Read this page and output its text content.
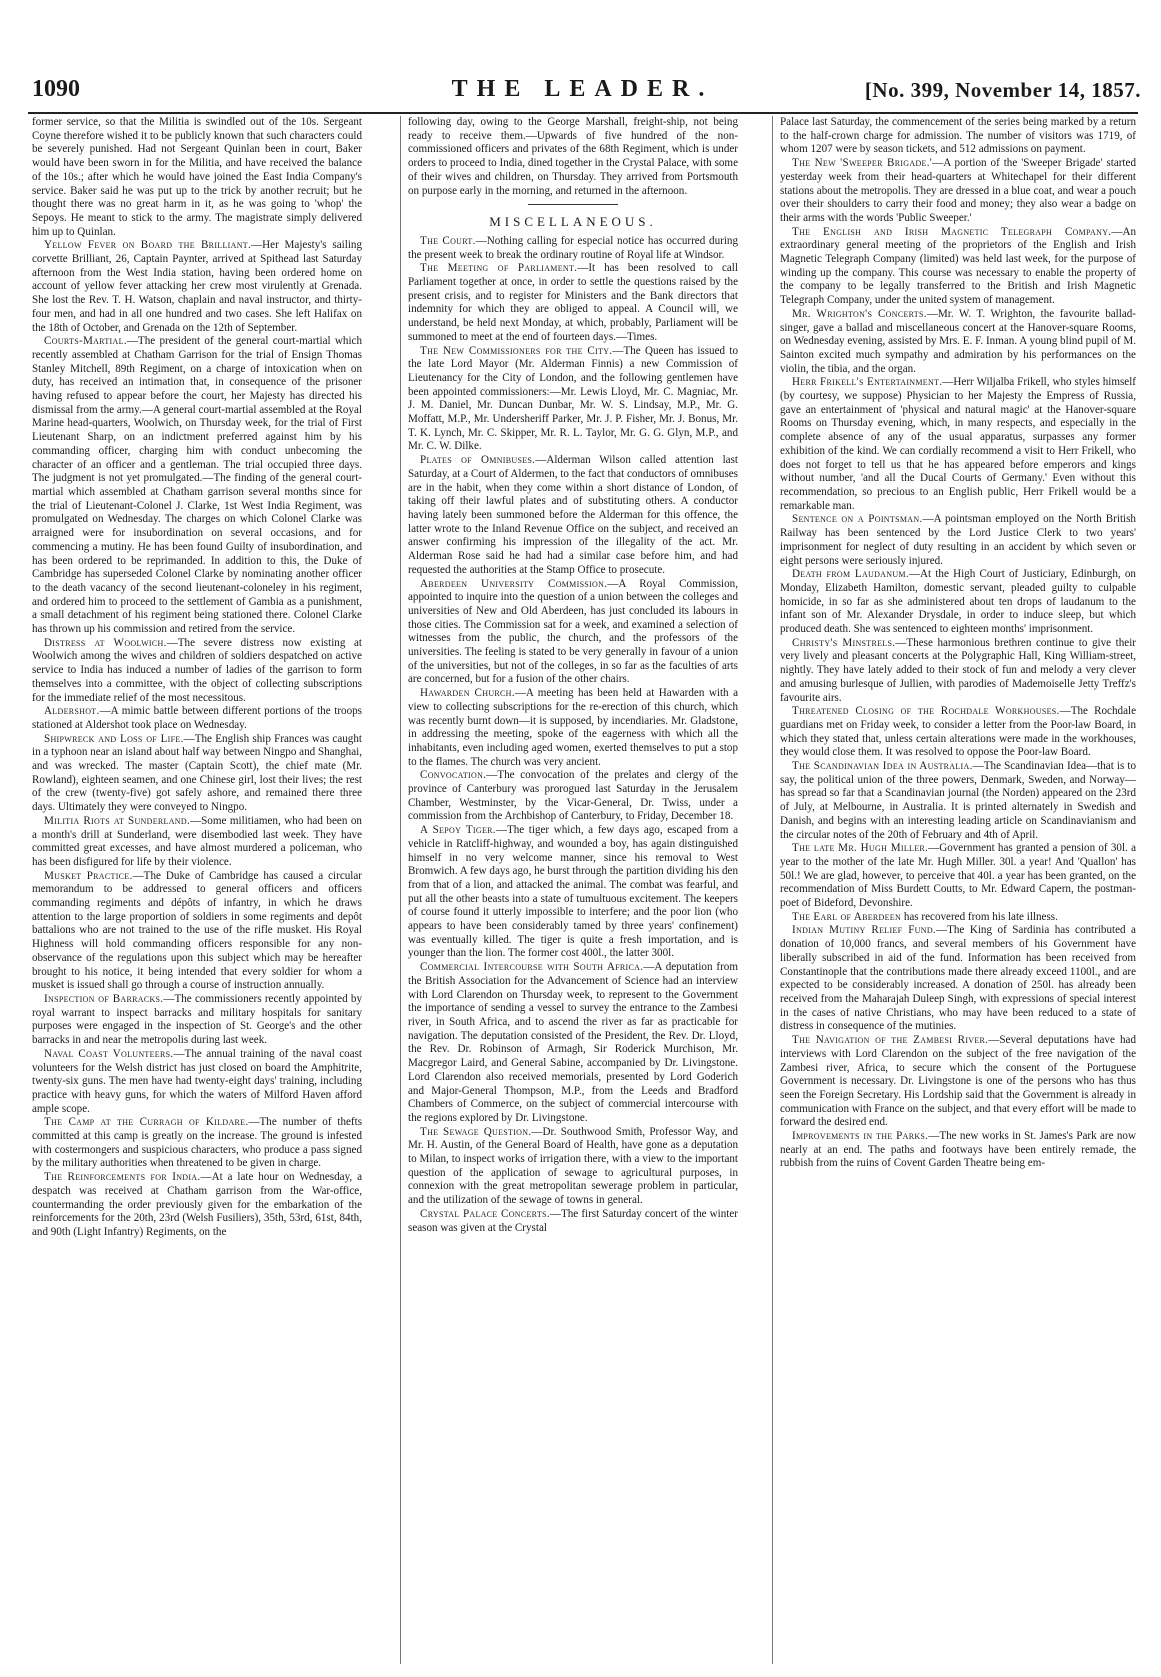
1090	THE LEADER.	[No. 399, November 14, 1857.

former service, so that the Militia is swindled out of the 10s. Sergeant Coyne therefore wished it to be publicly known that such characters could be severely punished. Had not Sergeant Quinlan been in court, Baker would have been sworn in for the Militia, and have received the balance of the 10s.; after which he would have joined the East India Company's service. Baker said he was put up to the trick by another recruit; but he thought there was no great harm in it, as he was going to 'whop' the Sepoys. He meant to stick to the army. The magistrate simply delivered him up to Quinlan.

Yellow Fever on Board the Brilliant.—Her Majesty's sailing corvette Brilliant, 26, Captain Paynter, arrived at Spithead last Saturday afternoon from the West India station, having been ordered home on account of yellow fever attacking her crew most virulently at Grenada. She lost the Rev. T. H. Watson, chaplain and naval instructor, and thirty-four men, and had in all one hundred and two cases. She left Halifax on the 18th of October, and Grenada on the 12th of September.

Courts-Martial.—The president of the general court-martial which recently assembled at Chatham Garrison for the trial of Ensign Thomas Stanley Mitchell, 89th Regiment, on a charge of intoxication when on duty, has received an intimation that, in consequence of the prisoner having refused to appear before the court, her Majesty has directed his dismissal from the army.—A general court-martial assembled at the Royal Marine head-quarters, Woolwich, on Thursday week, for the trial of First Lieutenant Sharp, on an indictment preferred against him by his commanding officer, charging him with conduct unbecoming the character of an officer and a gentleman. The trial occupied three days. The judgment is not yet promulgated.—The finding of the general court-martial which assembled at Chatham garrison several months since for the trial of Lieutenant-Colonel J. Clarke, 1st West India Regiment, was promulgated on Wednesday. The charges on which Colonel Clarke was arraigned were for insubordination on several occasions, and for commencing a mutiny. He has been found Guilty of insubordination, and has been ordered to be reprimanded. In addition to this, the Duke of Cambridge has superseded Colonel Clarke by nominating another officer to the death vacancy of the second lieutenant-coloneley in his regiment, and ordered him to proceed to the settlement of Gambia as a punishment, a small detachment of his regiment being stationed there. Colonel Clarke has thrown up his commission and retired from the service.

Distress at Woolwich.—The severe distress now existing at Woolwich among the wives and children of soldiers despatched on active service to India has induced a number of ladies of the garrison to form themselves into a committee, with the object of collecting subscriptions for the immediate relief of the most necessitous.

Aldershot.—A mimic battle between different portions of the troops stationed at Aldershot took place on Wednesday.

Shipwreck and Loss of Life.—The English ship Frances was caught in a typhoon near an island about half way between Ningpo and Shanghai, and was wrecked. The master (Captain Scott), the chief mate (Mr. Rowland), eighteen seamen, and one Chinese girl, lost their lives; the rest of the crew (twenty-five) got safely ashore, and remained there three days. Ultimately they were conveyed to Ningpo.

Militia Riots at Sunderland.—Some militiamen, who had been on a month's drill at Sunderland, were disembodied last week. They have committed great excesses, and have almost murdered a policeman, who has been disfigured for life by their violence.

Musket Practice.—The Duke of Cambridge has caused a circular memorandum to be addressed to general officers and officers commanding regiments and dépôts of infantry, in which he draws attention to the large proportion of soldiers in some regiments and depôt battalions who are not trained to the use of the rifle musket. His Royal Highness will hold commanding officers responsible for any non-observance of the regulations upon this subject which may be hereafter brought to his notice, it being intended that every soldier for whom a musket is issued shall go through a course of instruction annually.

Inspection of Barracks.—The commissioners recently appointed by royal warrant to inspect barracks and military hospitals for sanitary purposes were engaged in the inspection of St. George's and the other barracks in and near the metropolis during last week.

Naval Coast Volunteers.—The annual training of the naval coast volunteers for the Welsh district has just closed on board the Amphitrite, twenty-six guns. The men have had twenty-eight days' training, including practice with heavy guns, for which the waters of Milford Haven afford ample scope.

The Camp at the Curragh of Kildare.—The number of thefts committed at this camp is greatly on the increase. The ground is infested with costermongers and suspicious characters, who produce a pass signed by the military authorities when threatened to be given in charge.

The Reinforcements for India.—At a late hour on Wednesday, a despatch was received at Chatham garrison from the War-office, countermanding the order previously given for the embarkation of the reinforcements for the 20th, 23rd (Welsh Fusiliers), 35th, 53rd, 61st, 84th, and 90th (Light Infantry) Regiments, on the

following day, owing to the George Marshall, freight-ship, not being ready to receive them.—Upwards of five hundred of the non-commissioned officers and privates of the 68th Regiment, which is under orders to proceed to India, dined together in the Crystal Palace, with some of their wives and children, on Thursday. They arrived from Portsmouth on purpose early in the morning, and returned in the afternoon.

MISCELLANEOUS.

The Court.—Nothing calling for especial notice has occurred during the present week to break the ordinary routine of Royal life at Windsor.

The Meeting of Parliament.—It has been resolved to call Parliament together at once, in order to settle the questions raised by the present crisis, and to register for Ministers and the Bank directors that indemnity for which they are obliged to appeal. A Council will, we understand, be held next Monday, at which, probably, Parliament will be summoned to meet at the end of fourteen days.—Times.

The New Commissioners for the City.—The Queen has issued to the late Lord Mayor (Mr. Alderman Finnis) a new Commission of Lieutenancy for the City of London, and the following gentlemen have been appointed commissioners:—Mr. Lewis Lloyd, Mr. C. Magniac, Mr. J. M. Daniel, Mr. Duncan Dunbar, Mr. W. S. Lindsay, M.P., Mr. G. Moffatt, M.P., Mr. Undersheriff Parker, Mr. J. P. Fisher, Mr. J. Bonus, Mr. T. K. Lynch, Mr. C. Skipper, Mr. R. L. Taylor, Mr. G. G. Glyn, M.P., and Mr. C. W. Dilke.

Plates of Omnibuses.—Alderman Wilson called attention last Saturday, at a Court of Aldermen, to the fact that conductors of omnibuses are in the habit, when they come within a short distance of London, of taking off their lawful plates and of substituting others. A conductor having lately been summoned before the Alderman for this offence, the latter wrote to the Inland Revenue Office on the subject, and received an answer confirming his impression of the illegality of the act. Mr. Alderman Rose said he had had a similar case before him, and had requested the authorities at the Stamp Office to prosecute.

Aberdeen University Commission.—A Royal Commission, appointed to inquire into the question of a union between the colleges and universities of New and Old Aberdeen, has just concluded its labours in those cities. The Commission sat for a week, and examined a selection of witnesses from the public, the church, and the professors of the universities. The feeling is stated to be very generally in favour of a union of the universities, but not of the colleges, in so far as the faculties of arts are concerned, but for a fusion of the other chairs.

Hawarden Church.—A meeting has been held at Hawarden with a view to collecting subscriptions for the re-erection of this church, which was recently burnt down—it is supposed, by incendiaries. Mr. Gladstone, in addressing the meeting, spoke of the eagerness with which all the inhabitants, even including aged women, exerted themselves to put a stop to the flames. The church was very ancient.

Convocation.—The convocation of the prelates and clergy of the province of Canterbury was prorogued last Saturday in the Jerusalem Chamber, Westminster, by the Vicar-General, Dr. Twiss, under a commission from the Archbishop of Canterbury, to Friday, December 18.

A Sepoy Tiger.—The tiger which, a few days ago, escaped from a vehicle in Ratcliff-highway, and wounded a boy, has again distinguished himself in no very welcome manner, since his removal to West Bromwich. A few days ago, he burst through the partition dividing his den from that of a lion, and attacked the animal. The combat was fearful, and put all the other beasts into a state of tumultuous excitement. The keepers of course found it utterly impossible to interfere; and the poor lion (who appears to have been considerably tamed by three years' confinement) was eventually killed. The tiger is quite a fresh importation, and is younger than the lion. The former cost 400l., the latter 300l.

Commercial Intercourse with South Africa.—A deputation from the British Association for the Advancement of Science had an interview with Lord Clarendon on Thursday week, to represent to the Government the importance of sending a vessel to survey the entrance to the Zambesi river, in South Africa, and to ascend the river as far as practicable for navigation. The deputation consisted of the President, the Rev. Dr. Lloyd, the Rev. Dr. Robinson of Armagh, Sir Roderick Murchison, Mr. Macgregor Laird, and General Sabine, accompanied by Dr. Livingstone. Lord Clarendon also received memorials, presented by Lord Goderich and Major-General Thompson, M.P., from the Leeds and Bradford Chambers of Commerce, on the subject of commercial intercourse with the regions explored by Dr. Livingstone.

The Sewage Question.—Dr. Southwood Smith, Professor Way, and Mr. H. Austin, of the General Board of Health, have gone as a deputation to Milan, to inspect works of irrigation there, with a view to the important question of the application of sewage to agricultural purposes, in connexion with the great metropolitan sewerage problem in particular, and the utilization of the sewage of towns in general.

Crystal Palace Concerts.—The first Saturday concert of the winter season was given at the Crystal

Palace last Saturday, the commencement of the series being marked by a return to the half-crown charge for admission. The number of visitors was 1719, of whom 1207 were by season tickets, and 512 admissions on payment.

The New 'Sweeper Brigade.'—A portion of the 'Sweeper Brigade' started yesterday week from their head-quarters at Whitechapel for their different stations about the metropolis. They are dressed in a blue coat, and wear a pouch over their shoulders to carry their food and money; they also wear a badge on their arms with the words 'Public Sweeper.'

The English and Irish Magnetic Telegraph Company.—An extraordinary general meeting of the proprietors of the English and Irish Magnetic Telegraph Company (limited) was held last week, for the purpose of winding up the company. This course was necessary to enable the property of the company to be legally transferred to the British and Irish Magnetic Telegraph Company, under the united system of management.

Mr. Wrighton's Concerts.—Mr. W. T. Wrighton, the favourite ballad-singer, gave a ballad and miscellaneous concert at the Hanover-square Rooms, on Wednesday evening, assisted by Mrs. E. F. Inman. A young blind pupil of M. Sainton excited much sympathy and admiration by his performances on the violin, the tibia, and the organ.

Herr Frikell's Entertainment.—Herr Wiljalba Frikell, who styles himself (by courtesy, we suppose) Physician to her Majesty the Empress of Russia, gave an entertainment of 'physical and natural magic' at the Hanover-square Rooms on Thursday evening, which, in many respects, and especially in the complete absence of any of the usual apparatus, surpasses any former exhibition of the kind. We can cordially recommend a visit to Herr Frikell, who does not forget to tell us that he has appeared before emperors and kings without number, 'and all the Ducal Courts of Germany.' Even without this recommendation, so precious to an English public, Herr Frikell would be a remarkable man.

Sentence on a Pointsman.—A pointsman employed on the North British Railway has been sentenced by the Lord Justice Clerk to two years' imprisonment for neglect of duty resulting in an accident by which seven or eight persons were seriously injured.

Death from Laudanum.—At the High Court of Justiciary, Edinburgh, on Monday, Elizabeth Hamilton, domestic servant, pleaded guilty to culpable homicide, in so far as she administered about ten drops of laudanum to the infant son of Mr. Alexander Drysdale, in order to induce sleep, but which produced death. She was sentenced to eighteen months' imprisonment.

Christy's Minstrels.—These harmonious brethren continue to give their very lively and pleasant concerts at the Polygraphic Hall, King William-street, nightly. They have lately added to their stock of fun and melody a very clever and amusing burlesque of Jullien, with parodies of Mademoiselle Jetty Treffz's favourite airs.

Threatened Closing of the Rochdale Workhouses.—The Rochdale guardians met on Friday week, to consider a letter from the Poor-law Board, in which they stated that, unless certain alterations were made in the workhouses, they would close them. It was resolved to oppose the Poor-law Board.

The Scandinavian Idea in Australia.—The Scandinavian Idea—that is to say, the political union of the three powers, Denmark, Sweden, and Norway—has spread so far that a Scandinavian journal (the Norden) appeared on the 23rd of July, at Melbourne, in Australia. It is printed alternately in Swedish and Danish, and begins with an interesting leading article on Scandinavianism and the circular notes of the 20th of February and 4th of April.

The late Mr. Hugh Miller.—Government has granted a pension of 30l. a year to the mother of the late Mr. Hugh Miller. 30l. a year! And 'Quallon' has 50l.! We are glad, however, to perceive that 40l. a year has been granted, on the recommendation of Miss Burdett Coutts, to Mr. Edward Capern, the postman-poet of Bideford, Devonshire.

The Earl of Aberdeen has recovered from his late illness.

Indian Mutiny Relief Fund.—The King of Sardinia has contributed a donation of 10,000 francs, and several members of his Government have liberally subscribed in aid of the fund. Information has been received from Constantinople that the contributions made there already exceed 1100l., and are expected to be considerably increased. A donation of 250l. has already been received from the Maharajah Duleep Singh, with expressions of special interest in the cases of native Christians, who may have been reduced to a state of distress in consequence of the mutinies.

The Navigation of the Zambesi River.—Several deputations have had interviews with Lord Clarendon on the subject of the free navigation of the Zambesi river, Africa, to secure which the consent of the Portuguese Government is necessary. Dr. Livingstone is one of the persons who has thus seen the Foreign Secretary. His Lordship said that the Government is already in communication with France on the subject, and that every effort will be made to forward the desired end.

Improvements in the Parks.—The new works in St. James's Park are now nearly at an end. The paths and footways have been entirely remade, the rubbish from the ruins of Covent Garden Theatre being em-
